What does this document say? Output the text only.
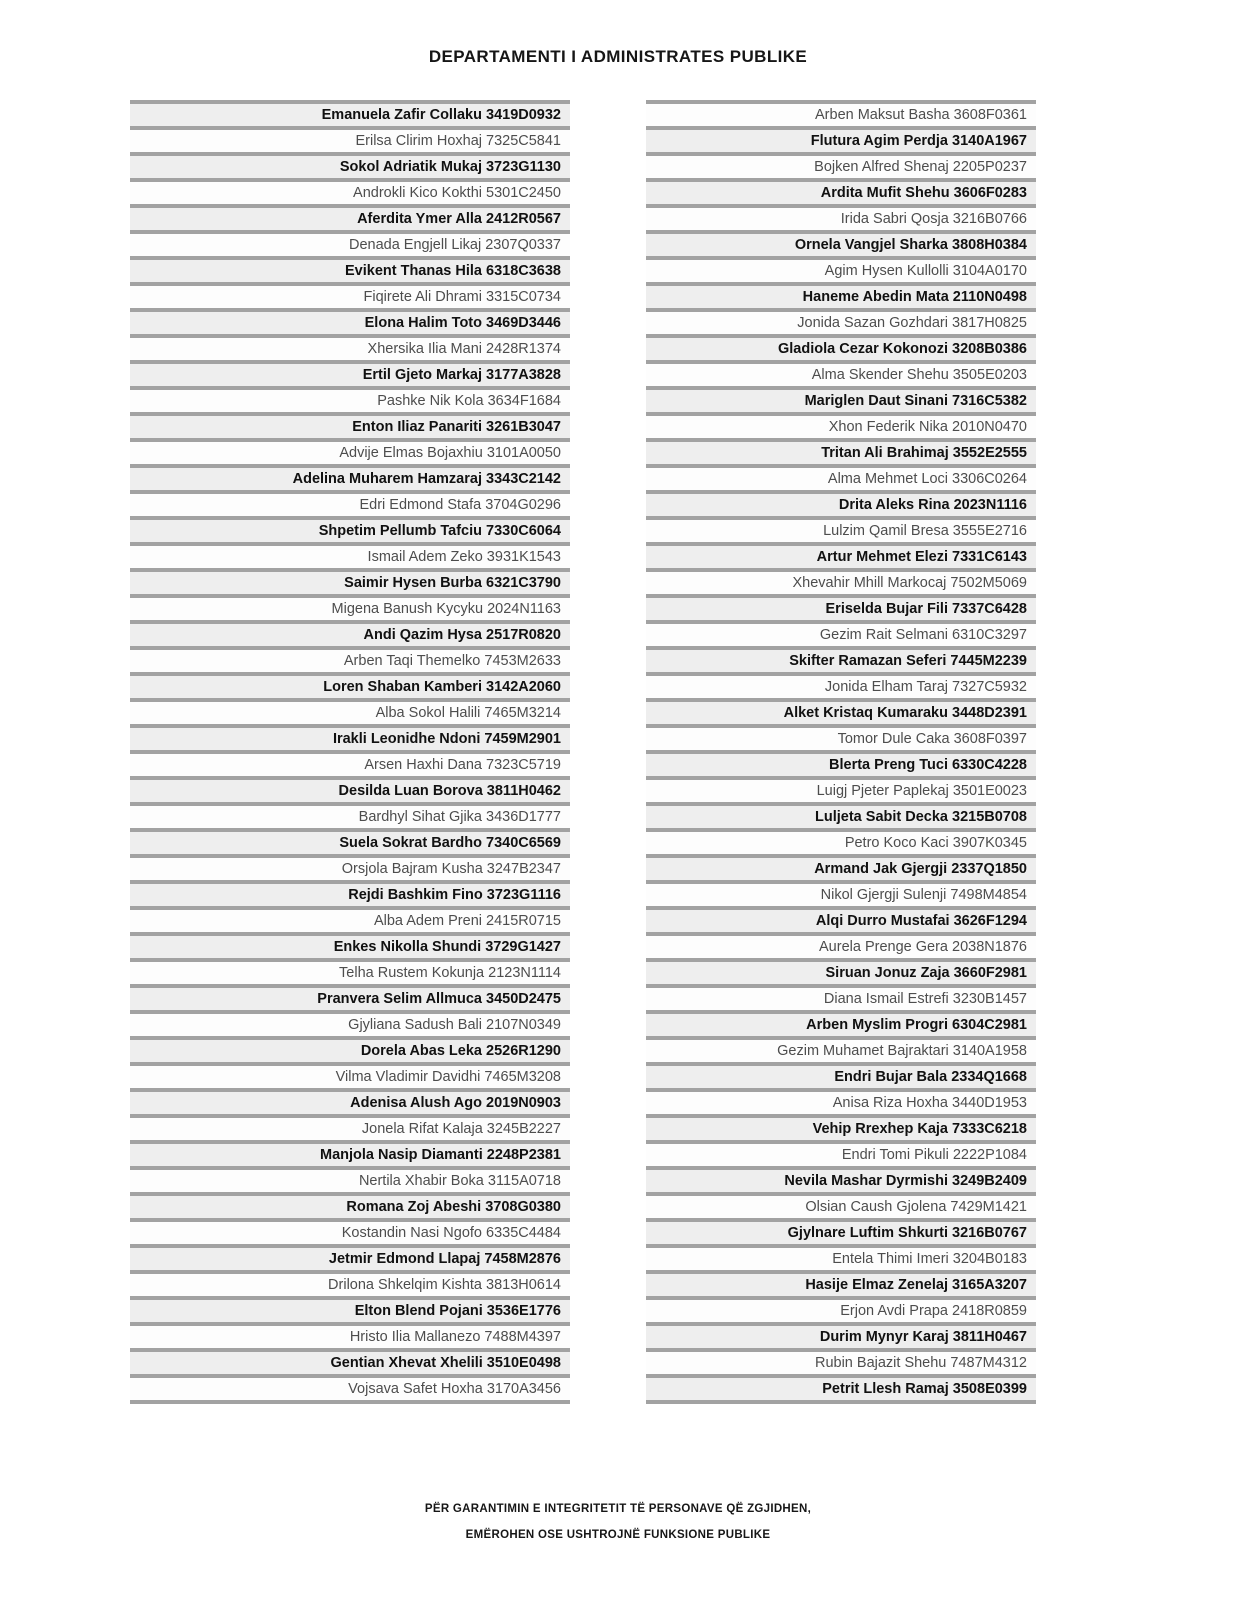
DEPARTAMENTI I ADMINISTRATES PUBLIKE
Emanuela Zafir Collaku 3419D0932
Erilsa Clirim Hoxhaj 7325C5841
Sokol Adriatik Mukaj 3723G1130
Androkli Kico Kokthi 5301C2450
Aferdita Ymer Alla 2412R0567
Denada Engjell Likaj 2307Q0337
Evikent Thanas Hila 6318C3638
Fiqirete Ali Dhrami 3315C0734
Elona Halim Toto 3469D3446
Xhersika Ilia Mani 2428R1374
Ertil Gjeto Markaj 3177A3828
Pashke Nik Kola 3634F1684
Enton Iliaz Panariti 3261B3047
Advije Elmas Bojaxhiu 3101A0050
Adelina Muharem Hamzaraj 3343C2142
Edri Edmond Stafa 3704G0296
Shpetim Pellumb Tafciu 7330C6064
Ismail Adem Zeko 3931K1543
Saimir Hysen Burba 6321C3790
Migena Banush Kycyku 2024N1163
Andi Qazim Hysa 2517R0820
Arben Taqi Themelko 7453M2633
Loren Shaban Kamberi 3142A2060
Alba Sokol Halili 7465M3214
Irakli Leonidhe Ndoni 7459M2901
Arsen Haxhi Dana 7323C5719
Desilda Luan Borova 3811H0462
Bardhyl Sihat Gjika 3436D1777
Suela Sokrat Bardho 7340C6569
Orsjola Bajram Kusha 3247B2347
Rejdi Bashkim Fino 3723G1116
Alba Adem Preni 2415R0715
Enkes Nikolla Shundi 3729G1427
Telha Rustem Kokunja 2123N1114
Pranvera Selim Allmuca 3450D2475
Gjyliana Sadush Bali 2107N0349
Dorela Abas Leka 2526R1290
Vilma Vladimir Davidhi 7465M3208
Adenisa Alush Ago 2019N0903
Jonela Rifat Kalaja 3245B2227
Manjola Nasip Diamanti 2248P2381
Nertila Xhabir Boka 3115A0718
Romana Zoj Abeshi 3708G0380
Kostandin Nasi Ngofo 6335C4484
Jetmir Edmond Llapaj 7458M2876
Drilona Shkelqim Kishta 3813H0614
Elton Blend Pojani 3536E1776
Hristo Ilia Mallanezo 7488M4397
Gentian Xhevat Xhelili 3510E0498
Vojsava Safet Hoxha 3170A3456
Arben Maksut Basha 3608F0361
Flutura Agim Perdja 3140A1967
Bojken Alfred Shenaj 2205P0237
Ardita Mufit Shehu 3606F0283
Irida Sabri Qosja 3216B0766
Ornela Vangjel Sharka 3808H0384
Agim Hysen Kullolli 3104A0170
Haneme Abedin Mata 2110N0498
Jonida Sazan Gozhdari 3817H0825
Gladiola Cezar Kokonozi 3208B0386
Alma Skender Shehu 3505E0203
Mariglen Daut Sinani 7316C5382
Xhon Federik Nika 2010N0470
Tritan Ali Brahimaj 3552E2555
Alma Mehmet Loci 3306C0264
Drita Aleks Rina 2023N1116
Lulzim Qamil Bresa 3555E2716
Artur Mehmet Elezi 7331C6143
Xhevahir Mhill Markocaj 7502M5069
Eriselda Bujar Fili 7337C6428
Gezim Rait Selmani 6310C3297
Skifter Ramazan Seferi 7445M2239
Jonida Elham Taraj 7327C5932
Alket Kristaq Kumaraku 3448D2391
Tomor Dule Caka 3608F0397
Blerta Preng Tuci 6330C4228
Luigj Pjeter Paplekaj 3501E0023
Luljeta Sabit Decka 3215B0708
Petro Koco Kaci 3907K0345
Armand Jak Gjergji 2337Q1850
Nikol Gjergji Sulenji 7498M4854
Alqi Durro Mustafai 3626F1294
Aurela Prenge Gera 2038N1876
Siruan Jonuz Zaja 3660F2981
Diana Ismail Estrefi 3230B1457
Arben Myslim Progri 6304C2981
Gezim Muhamet Bajraktari 3140A1958
Endri Bujar Bala 2334Q1668
Anisa Riza Hoxha 3440D1953
Vehip Rrexhep Kaja 7333C6218
Endri Tomi Pikuli 2222P1084
Nevila Mashar Dyrmishi 3249B2409
Olsian Caush Gjolena 7429M1421
Gjylnare Luftim Shkurti 3216B0767
Entela Thimi Imeri 3204B0183
Hasije Elmaz Zenelaj 3165A3207
Erjon Avdi Prapa 2418R0859
Durim Mynyr Karaj 3811H0467
Rubin Bajazit Shehu 7487M4312
Petrit Llesh Ramaj 3508E0399
PËR GARANTIMIN E INTEGRITETIT TË PERSONAVE QË ZGJIDHEN,
EMËROHEN OSE USHTROJNË FUNKSIONE PUBLIKE
